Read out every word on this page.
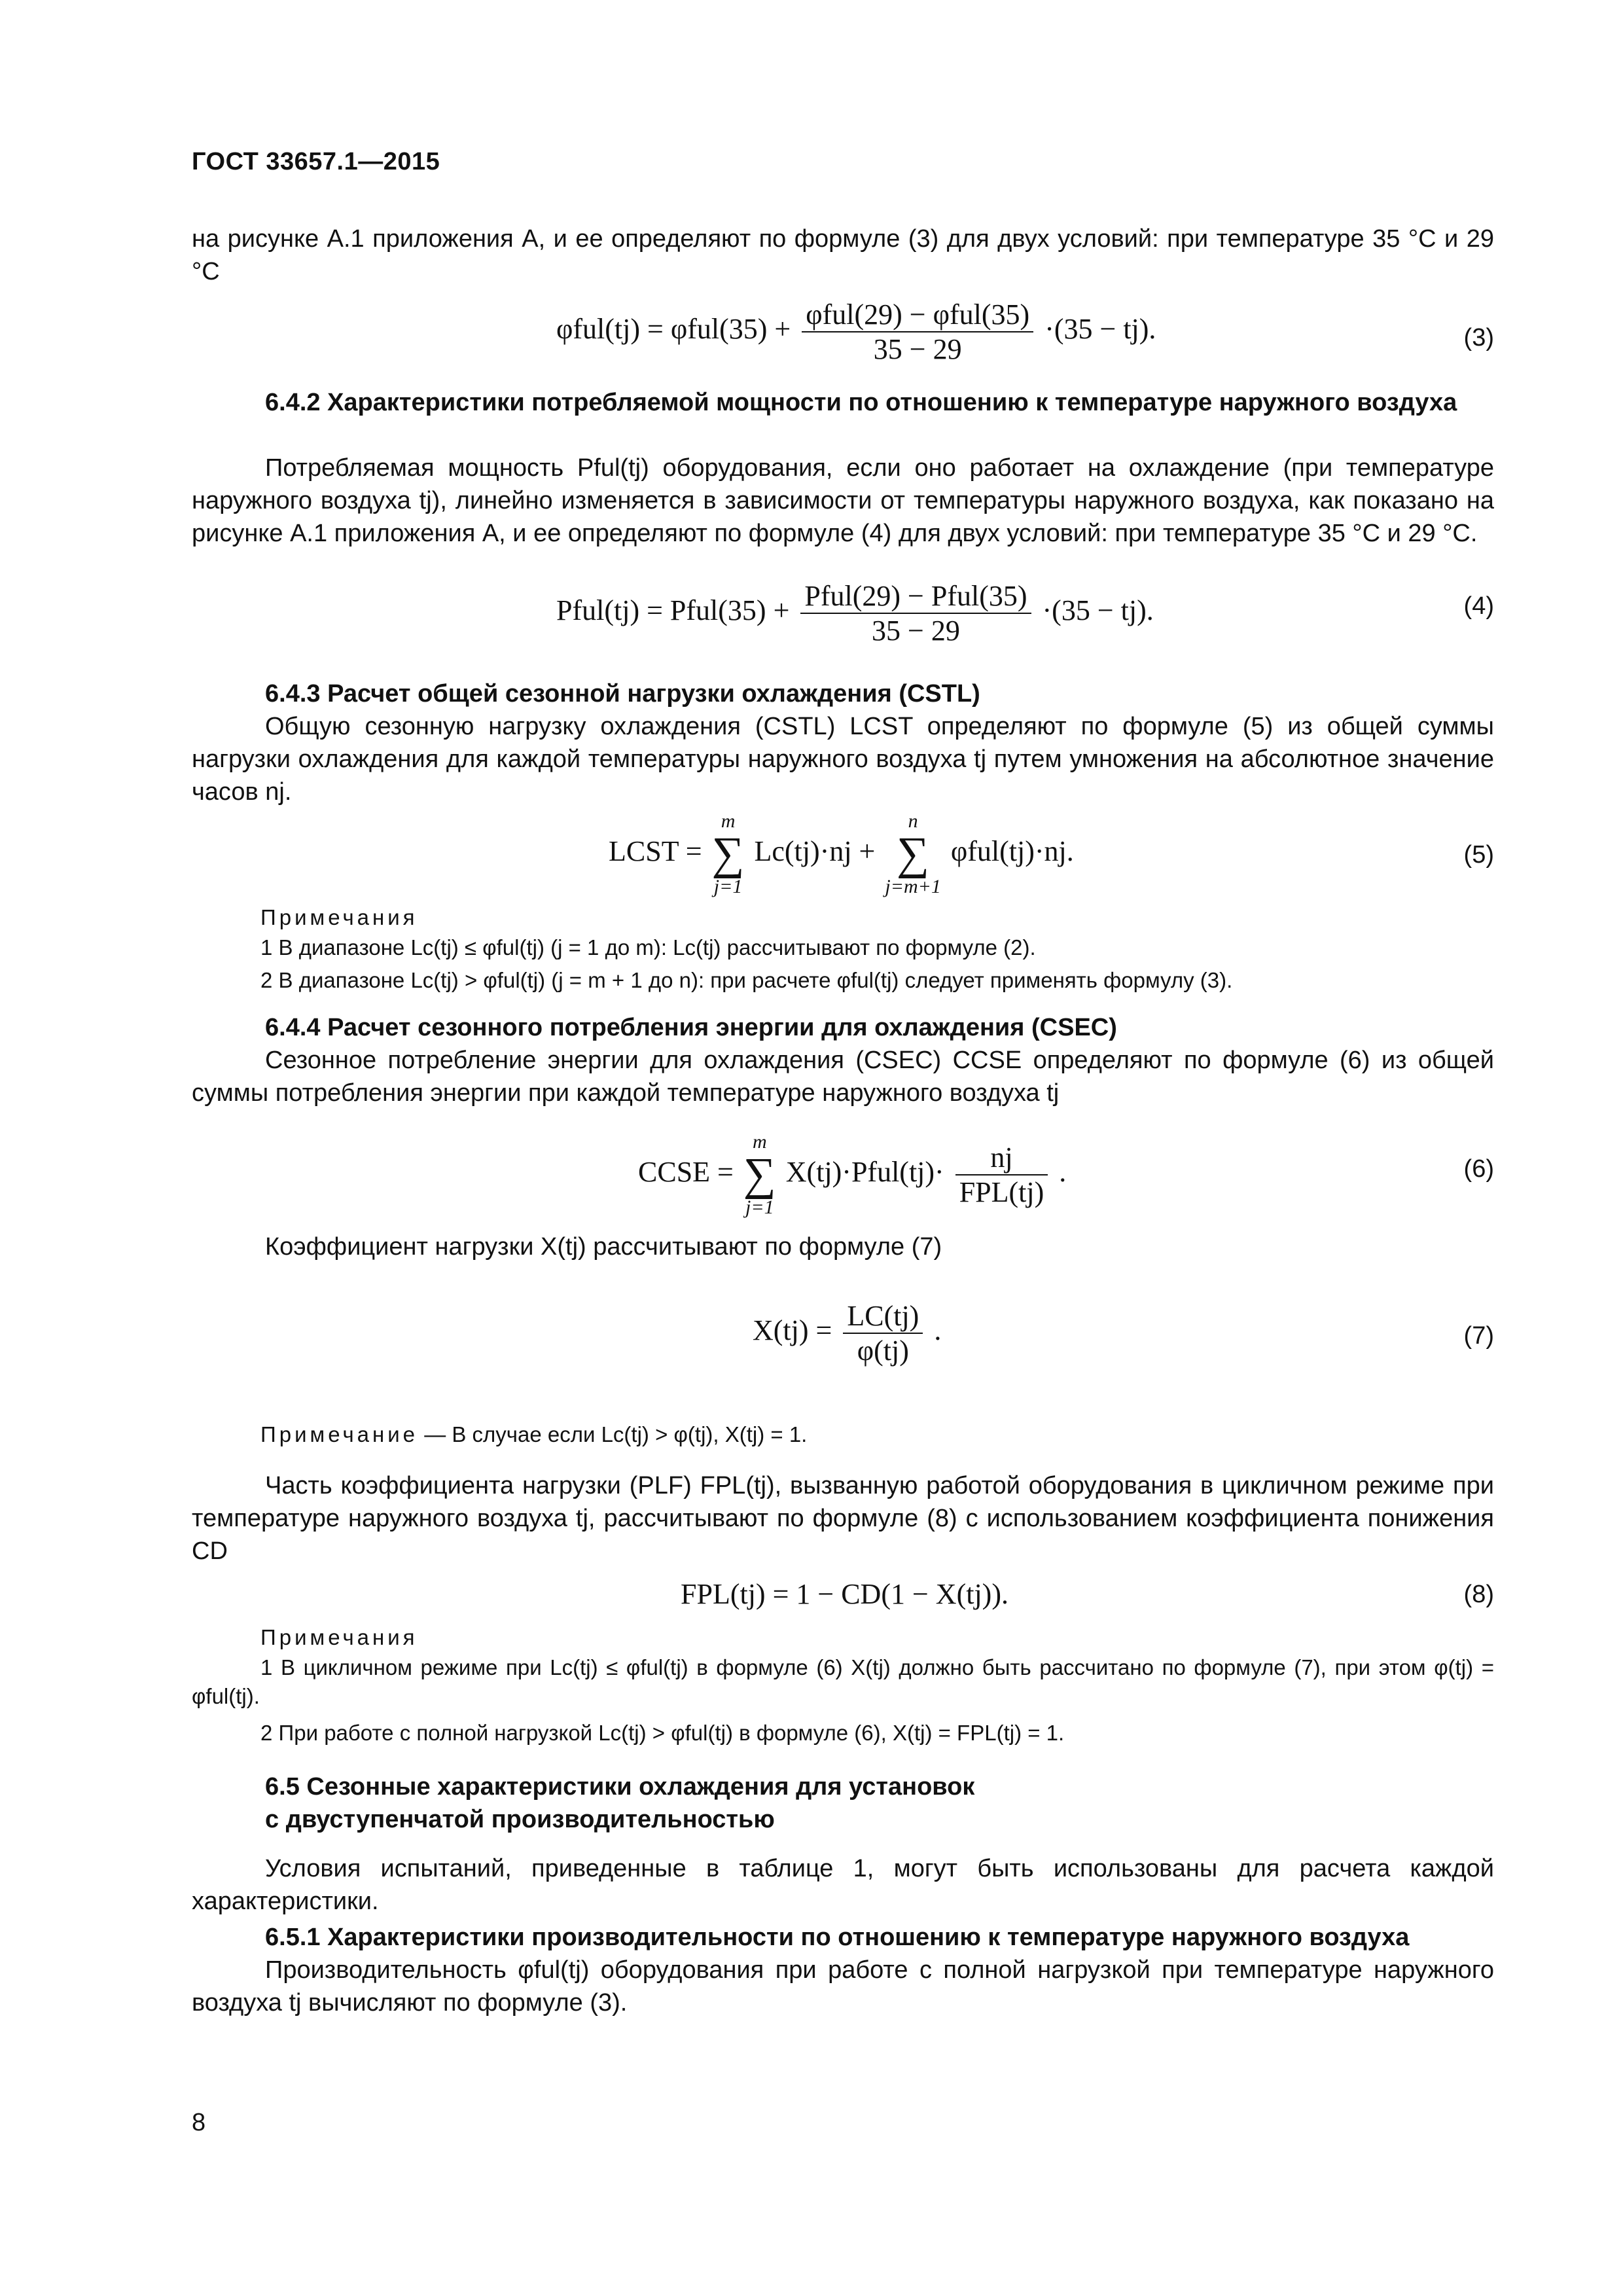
ГОСТ 33657.1—2015
на рисунке А.1 приложения А, и ее определяют по формуле (3) для двух условий: при температуре 35 °С и 29 °С
$\varphi ful(tj) = \varphi ful(35) + \frac{\text{φful(29) − φful(35)}}{35 - 29} \cdot(35 - tj)$.	(3)
6.4.2 Характеристики потребляемой мощности по отношению к температуре наружного воздуха
Потребляемая мощность Pful(tj) оборудования, если оно работает на охлаждение (при температуре наружного воздуха tj), линейно изменяется в зависимости от температуры наружного воздуха, как показано на рисунке А.1 приложения А, и ее определяют по формуле (4) для двух условий: при температуре 35 °С и 29 °С.
Pful(tj) = Pful(35) + $\frac{\text{Pful(29) − Pful(35)}}{35 - 29} \cdot(35 - tj)$.	(4)
6.4.3 Расчет общей сезонной нагрузки охлаждения (CSTL)
Общую сезонную нагрузку охлаждения (CSTL) LCST определяют по формуле (5) из общей суммы нагрузки охлаждения для каждой температуры наружного воздуха tj путем умножения на абсолютное значение часов nj.
LCST =
m
∑
j=1
Lc(tj)·nj +
n
∑
j=m+1
φful(tj)·nj.	(5)
Примечания
1 В диапазоне Lc(tj) ≤ φful(tj) (j = 1 до m): Lc(tj) рассчитывают по формуле (2).
2 В диапазоне Lc(tj) > φful(tj) (j = m + 1 до n): при расчете φful(tj) следует применять формулу (3).
6.4.4 Расчет сезонного потребления энергии для охлаждения (CSEC)
Сезонное потребление энергии для охлаждения (CSEC) CCSE определяют по формуле (6) из общей суммы потребления энергии при каждой температуре наружного воздуха tj
CCSE =
m
∑
j=1
X(tj)·Pful(tj)· $\frac{nj}{\text{FPL(tj)}}$ .	(6)
Коэффициент нагрузки X(tj) рассчитывают по формуле (7)
$X(tj) = \frac{LC(tj)}{\varphi(tj)}$ .	(7)
Примечание — В случае если Lc(tj) > φ(tj), X(tj) = 1.
Часть коэффициента нагрузки (PLF) FPL(tj), вызванную работой оборудования в цикличном режиме при температуре наружного воздуха tj, рассчитывают по формуле (8) с использованием коэффициента понижения CD
FPL(tj) = 1 − CD(1 − X(tj)).	(8)
Примечания
1 В цикличном режиме при Lc(tj) ≤ φful(tj) в формуле (6) X(tj) должно быть рассчитано по формуле (7), при этом φ(tj) = φful(tj).
2 При работе с полной нагрузкой Lc(tj) > φful(tj) в формуле (6), X(tj) = FPL(tj) = 1.
6.5 Сезонные характеристики охлаждения для установок
с двуступенчатой производительностью
Условия испытаний, приведенные в таблице 1, могут быть использованы для расчета каждой характеристики.
6.5.1 Характеристики производительности по отношению к температуре наружного воздуха
Производительность φful(tj) оборудования при работе с полной нагрузкой при температуре наружного воздуха tj вычисляют по формуле (3).
8
